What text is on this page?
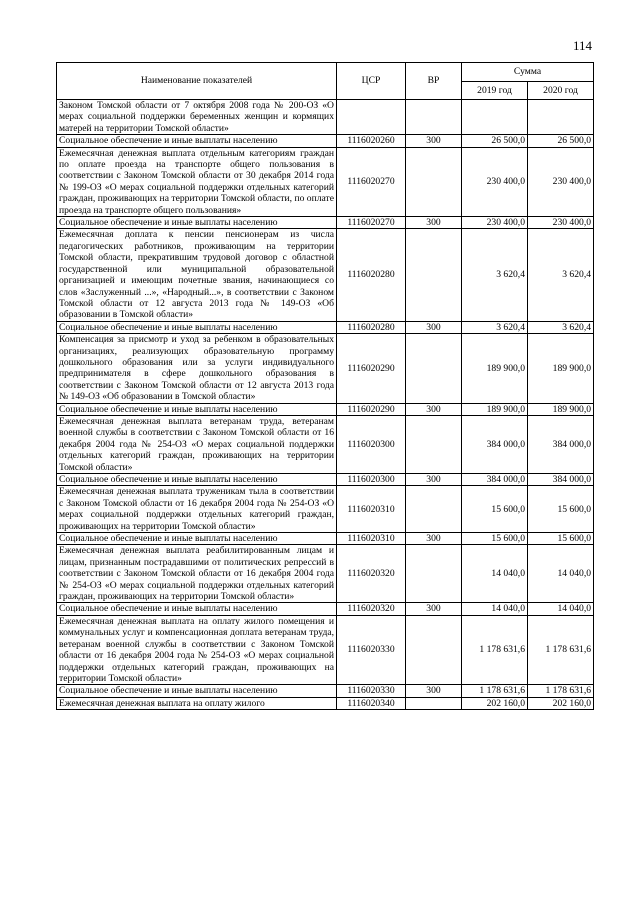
114
Наименование показателей	ЦСР	ВР	Сумма	
			2019 год	2020 год
Законом Томской области от 7 октября 2008 года № 200-ОЗ «О мерах социальной поддержки беременных женщин и кормящих матерей на территории Томской области»				
Социальное обеспечение и иные выплаты населению	1116020260	300	26 500,0	26 500,0
Ежемесячная денежная выплата отдельным категориям граждан по оплате проезда на транспорте общего пользования в соответствии с Законом Томской области от 30 декабря 2014 года № 199-ОЗ «О мерах социальной поддержки отдельных категорий граждан, проживающих на территории Томской области, по оплате проезда на транспорте общего пользования»	1116020270		230 400,0	230 400,0
Социальное обеспечение и иные выплаты населению	1116020270	300	230 400,0	230 400,0
Ежемесячная доплата к пенсии пенсионерам из числа педагогических работников, проживающим на территории Томской области, прекратившим трудовой договор с областной государственной или муниципальной образовательной организацией и имеющим почетные звания, начинающиеся со слов «Заслуженный ...», «Народный...», в соответствии с Законом Томской области от 12 августа 2013 года № 149-ОЗ «Об образовании в Томской области»	1116020280		3 620,4	3 620,4
Социальное обеспечение и иные выплаты населению	1116020280	300	3 620,4	3 620,4
Компенсация за присмотр и уход за ребенком в образовательных организациях, реализующих образовательную программу дошкольного образования или за услуги индивидуального предпринимателя в сфере дошкольного образования в соответствии с Законом Томской области от 12 августа 2013 года № 149-ОЗ «Об образовании в Томской области»	1116020290		189 900,0	189 900,0
Социальное обеспечение и иные выплаты населению	1116020290	300	189 900,0	189 900,0
Ежемесячная денежная выплата ветеранам труда, ветеранам военной службы в соответствии с Законом Томской области от 16 декабря 2004 года № 254-ОЗ «О мерах социальной поддержки отдельных категорий граждан, проживающих на территории Томской области»	1116020300		384 000,0	384 000,0
Социальное обеспечение и иные выплаты населению	1116020300	300	384 000,0	384 000,0
Ежемесячная денежная выплата труженикам тыла в соответствии с Законом Томской области от 16 декабря 2004 года № 254-ОЗ «О мерах социальной поддержки отдельных категорий граждан, проживающих на территории Томской области»	1116020310		15 600,0	15 600,0
Социальное обеспечение и иные выплаты населению	1116020310	300	15 600,0	15 600,0
Ежемесячная денежная выплата реабилитированным лицам и лицам, признанным пострадавшими от политических репрессий в соответствии с Законом Томской области от 16 декабря 2004 года № 254-ОЗ «О мерах социальной поддержки отдельных категорий граждан, проживающих на территории Томской области»	1116020320		14 040,0	14 040,0
Социальное обеспечение и иные выплаты населению	1116020320	300	14 040,0	14 040,0
Ежемесячная денежная выплата на оплату жилого помещения и коммунальных услуг и компенсационная доплата ветеранам труда, ветеранам военной службы в соответствии с Законом Томской области от 16 декабря 2004 года № 254-ОЗ «О мерах социальной поддержки отдельных категорий граждан, проживающих на территории Томской области»	1116020330		1 178 631,6	1 178 631,6
Социальное обеспечение и иные выплаты населению	1116020330	300	1 178 631,6	1 178 631,6
Ежемесячная денежная выплата на оплату жилого	1116020340		202 160,0	202 160,0
